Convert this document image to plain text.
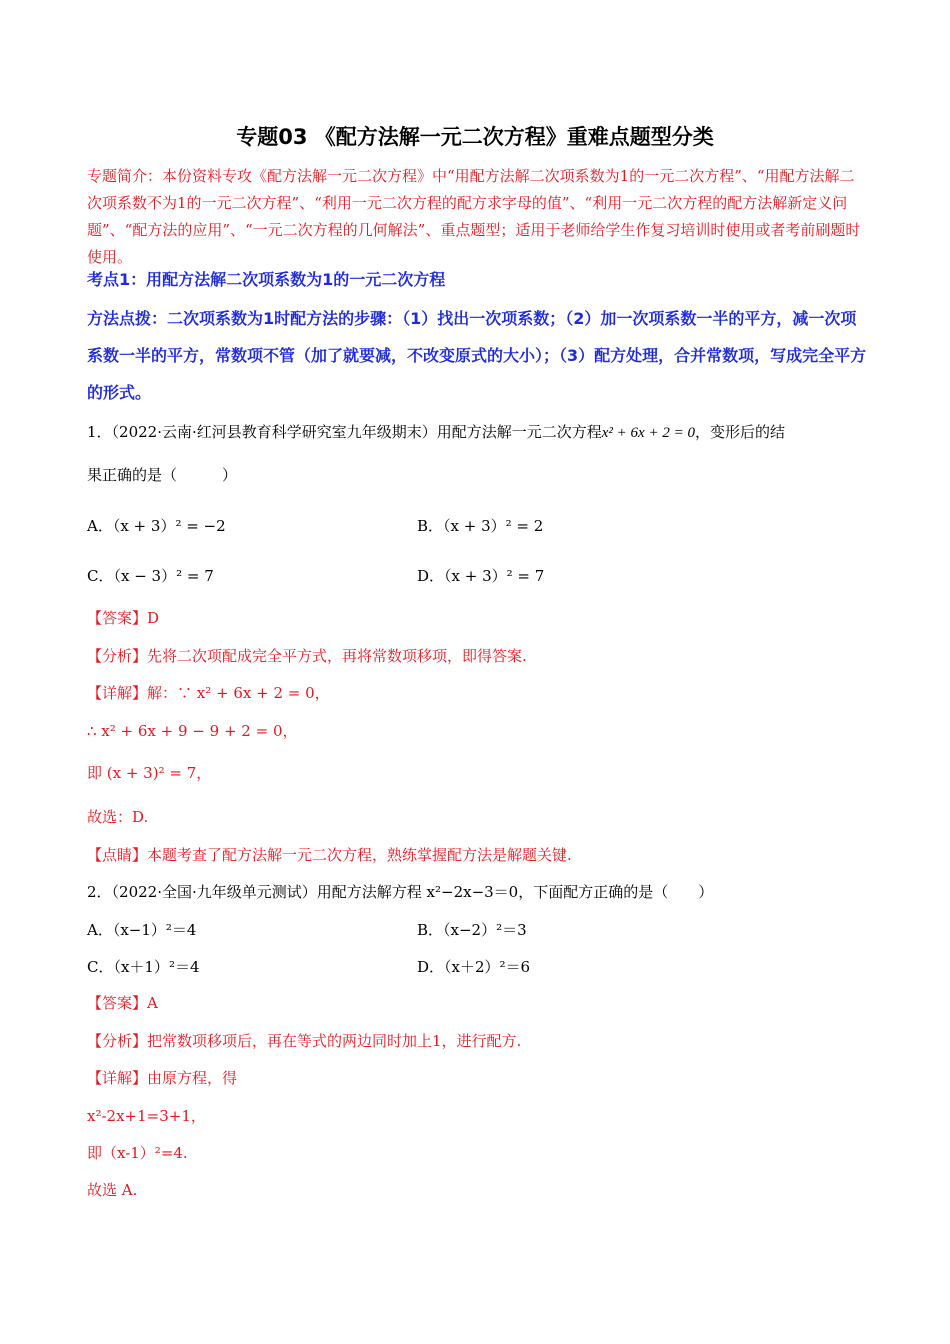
专题03 《配方法解一元二次方程》重难点题型分类
专题简介：本份资料专攻《配方法解一元二次方程》中“用配方法解二次项系数为1的一元二次方程”、“用配方法解二次项系数不为1的一元二次方程”、“利用一元二次方程的配方求字母的值”、“利用一元二次方程的配方法解新定义问题”、“配方法的应用”、“一元二次方程的几何解法”、重点题型；适用于老师给学生作复习培训时使用或者考前刷题时使用。
考点1：用配方法解二次项系数为1的一元二次方程
方法点拨：二次项系数为1时配方法的步骤：（1）找出一次项系数；（2）加一次项系数一半的平方，减一次项系数一半的平方，常数项不管（加了就要减，不改变原式的大小）；（3）配方处理，合并常数项，写成完全平方的形式。
1．（2022·云南·红河县教育科学研究室九年级期末）用配方法解一元二次方程x² + 6x + 2 = 0，变形后的结
果正确的是（　　　）
A．（x + 3）² = −2	B．（x + 3）² = 2
C．（x − 3）² = 7	D．（x + 3）² = 7
【答案】D
【分析】先将二次项配成完全平方式，再将常数项移项，即得答案.
【详解】解：∵ x² + 6x + 2 = 0，
∴ x² + 6x + 9 − 9 + 2 = 0，
即 (x + 3)² = 7，
故选：D.
【点睛】本题考查了配方法解一元二次方程，熟练掌握配方法是解题关键.
2．（2022·全国·九年级单元测试）用配方法解方程 x²−2x−3＝0，下面配方正确的是（　　）
A．（x−1）²＝4	B．（x−2）²＝3
C．（x＋1）²＝4	D．（x＋2）²＝6
【答案】A
【分析】把常数项移项后，再在等式的两边同时加上1，进行配方.
【详解】由原方程，得
x²-2x+1=3+1，
即（x-1）²=4.
故选 A.
